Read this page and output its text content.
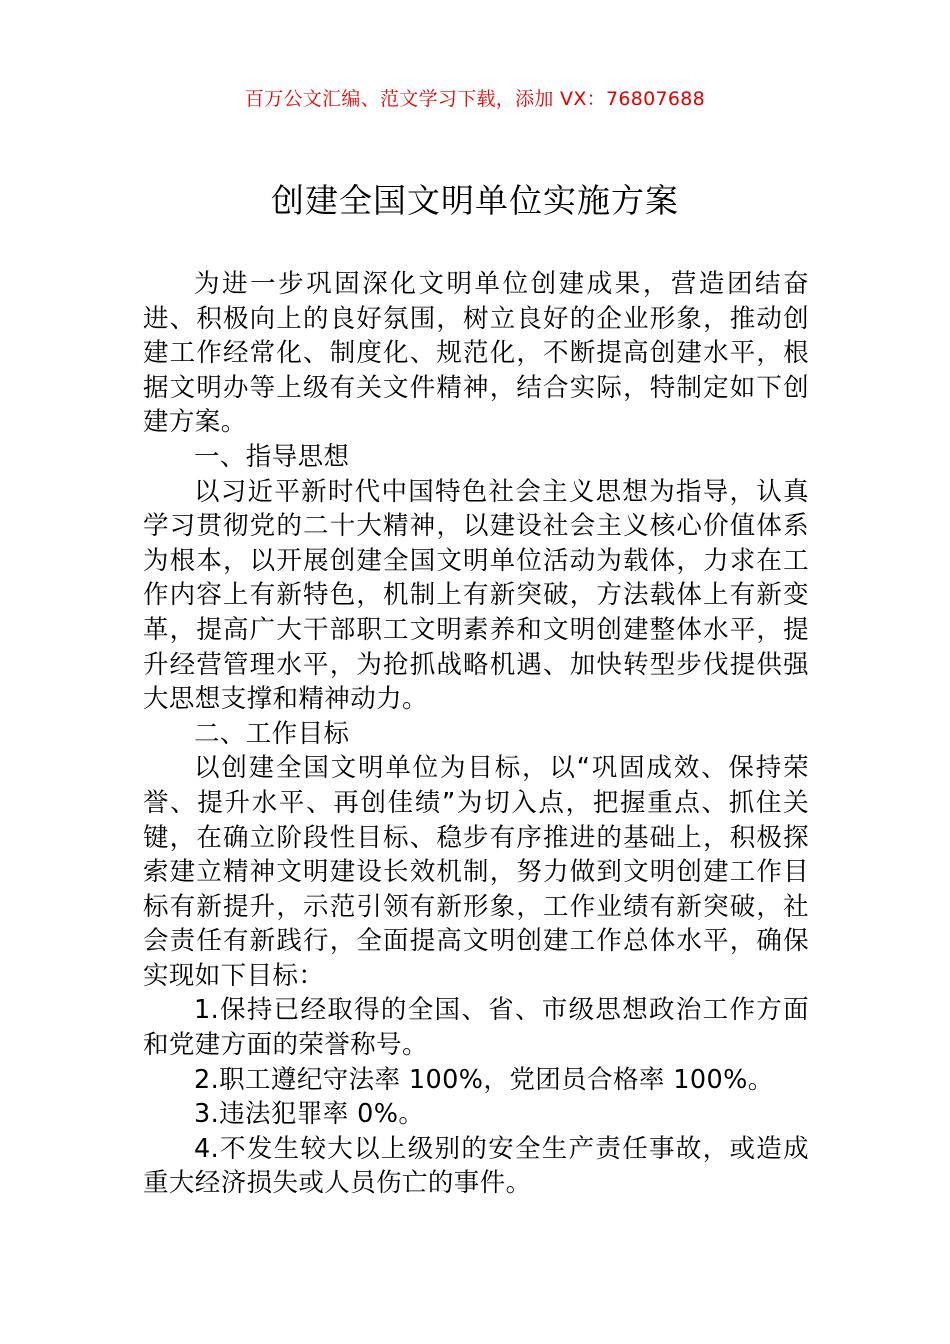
百万公文汇编、范文学习下载，添加 VX：76807688
创建全国文明单位实施方案

为进一步巩固深化文明单位创建成果，营造团结奋进、积极向上的良好氛围，树立良好的企业形象，推动创建工作经常化、制度化、规范化，不断提高创建水平，根据文明办等上级有关文件精神，结合实际，特制定如下创建方案。

一、指导思想

以习近平新时代中国特色社会主义思想为指导，认真学习贯彻党的二十大精神，以建设社会主义核心价值体系为根本，以开展创建全国文明单位活动为载体，力求在工作内容上有新特色，机制上有新突破，方法载体上有新变革，提高广大干部职工文明素养和文明创建整体水平，提升经营管理水平，为抢抓战略机遇、加快转型步伐提供强大思想支撑和精神动力。

二、工作目标

以创建全国文明单位为目标，以“巩固成效、保持荣誉、提升水平、再创佳绩”为切入点，把握重点、抓住关键，在确立阶段性目标、稳步有序推进的基础上，积极探索建立精神文明建设长效机制，努力做到文明创建工作目标有新提升，示范引领有新形象，工作业绩有新突破，社会责任有新践行，全面提高文明创建工作总体水平，确保实现如下目标：

1.保持已经取得的全国、省、市级思想政治工作方面和党建方面的荣誉称号。

2.职工遵纪守法率 100%，党团员合格率 100%。

3.违法犯罪率 0%。

4.不发生较大以上级别的安全生产责任事故，或造成重大经济损失或人员伤亡的事件。
